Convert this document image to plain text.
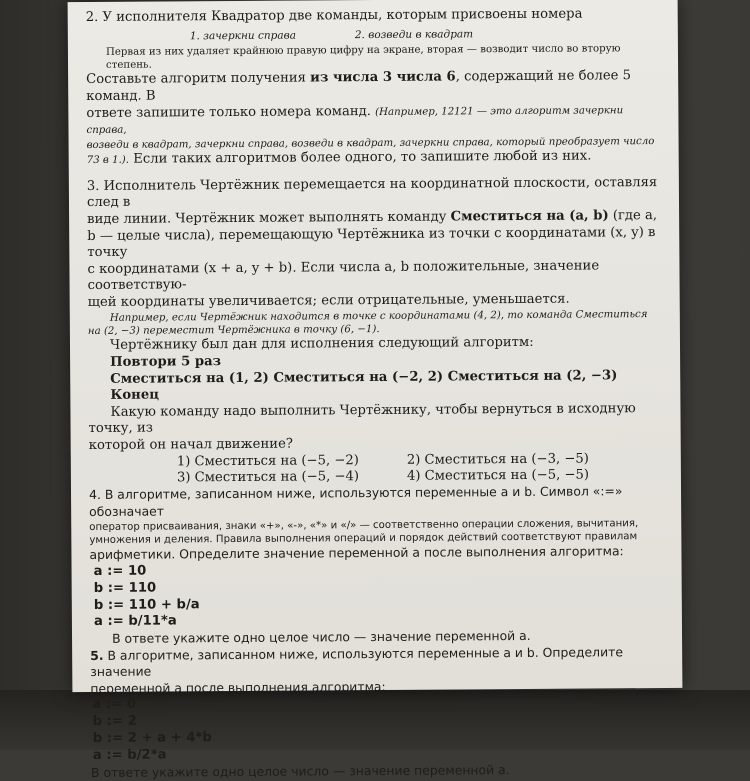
2. У исполнителя Квадратор две команды, которым присвоены номера

1. зачеркни справа	2. возведи в квадрат

Первая из них удаляет крайнюю правую цифру на экране, вторая — возводит число во вторую степень.

Составьте алгоритм получения из числа 3 числа 6, содержащий не более 5 команд. В

ответе запишите только номера команд. (Например, 12121 — это алгоритм зачеркни справа,

возведи в квадрат, зачеркни справа, возведи в квадрат, зачеркни справа, который преобразует число

73 в 1.). Если таких алгоритмов более одного, то запишите любой из них.

3. Исполнитель Чертёжник перемещается на координатной плоскости, оставляя след в

виде линии. Чертёжник может выполнять команду Сместиться на (a, b) (где a,

b — целые числа), перемещающую Чертёжника из точки с координатами (x, y) в точку

с координатами (x + a, y + b). Если числа a, b положительные, значение соответствую-

щей координаты увеличивается; если отрицательные, уменьшается.

Например, если Чертёжник находится в точке с координатами (4, 2), то команда Сместиться

на (2, −3) переместит Чертёжника в точку (6, −1).

Чертёжнику был дан для исполнения следующий алгоритм:

Повтори 5 раз

Сместиться на (1, 2) Сместиться на (−2, 2) Сместиться на (2, −3) Конец

Какую команду надо выполнить Чертёжнику, чтобы вернуться в исходную точку, из

которой он начал движение?

1) Сместиться на (−5, −2)	2) Сместиться на (−3, −5)
3) Сместиться на (−5, −4)	4) Сместиться на (−5, −5)

4. В алгоритме, записанном ниже, используются переменные a и b. Символ «:=» обозначает

оператор присваивания, знаки «+», «-», «*» и «/» — соответственно операции сложения, вычитания,

умножения и деления. Правила выполнения операций и порядок действий соответствуют правилам

арифметики. Определите значение переменной a после выполнения алгоритма:

a := 10
b := 110
b := 110 + b/a
a := b/11*a

В ответе укажите одно целое число — значение переменной a.

5. В алгоритме, записанном ниже, используются переменные a и b. Определите значение

переменной a после выполнения алгоритма:

a := 0
b := 2
b := 2 + a + 4*b
a := b/2*a

В ответе укажите одно целое число — значение переменной a.
